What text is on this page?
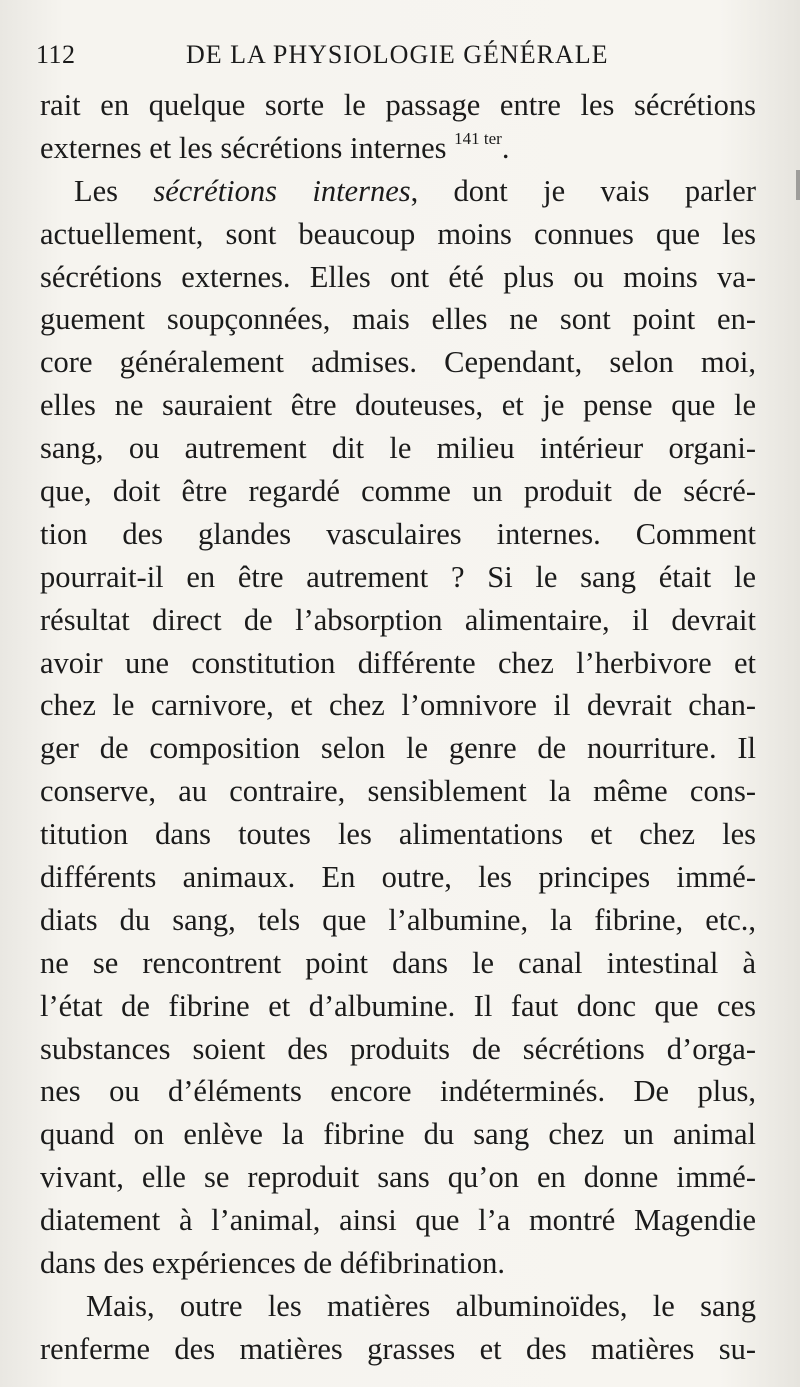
112	DE LA PHYSIOLOGIE GÉNÉRALE
rait en quelque sorte le passage entre les sécrétions
externes et les sécrétions internes $^{141 ter}$.
Les sécrétions internes, dont je vais parler
actuellement, sont beaucoup moins connues que les
sécrétions externes. Elles ont été plus ou moins va-
guement soupçonnées, mais elles ne sont point en-
core généralement admises. Cependant, selon moi,
elles ne sauraient être douteuses, et je pense que le
sang, ou autrement dit le milieu intérieur organi-
que, doit être regardé comme un produit de sécré-
tion des glandes vasculaires internes. Comment
pourrait-il en être autrement ? Si le sang était le
résultat direct de l’absorption alimentaire, il devrait
avoir une constitution différente chez l’herbivore et
chez le carnivore, et chez l’omnivore il devrait chan-
ger de composition selon le genre de nourriture. Il
conserve, au contraire, sensiblement la même cons-
titution dans toutes les alimentations et chez les
différents animaux. En outre, les principes immé-
diats du sang, tels que l’albumine, la fibrine, etc.,
ne se rencontrent point dans le canal intestinal à
l’état de fibrine et d’albumine. Il faut donc que ces
substances soient des produits de sécrétions d’orga-
nes ou d’éléments encore indéterminés. De plus,
quand on enlève la fibrine du sang chez un animal
vivant, elle se reproduit sans qu’on en donne immé-
diatement à l’animal, ainsi que l’a montré Magendie
dans des expériences de défibrination.
Mais, outre les matières albuminoïdes, le sang
renferme des matières grasses et des matières su-
